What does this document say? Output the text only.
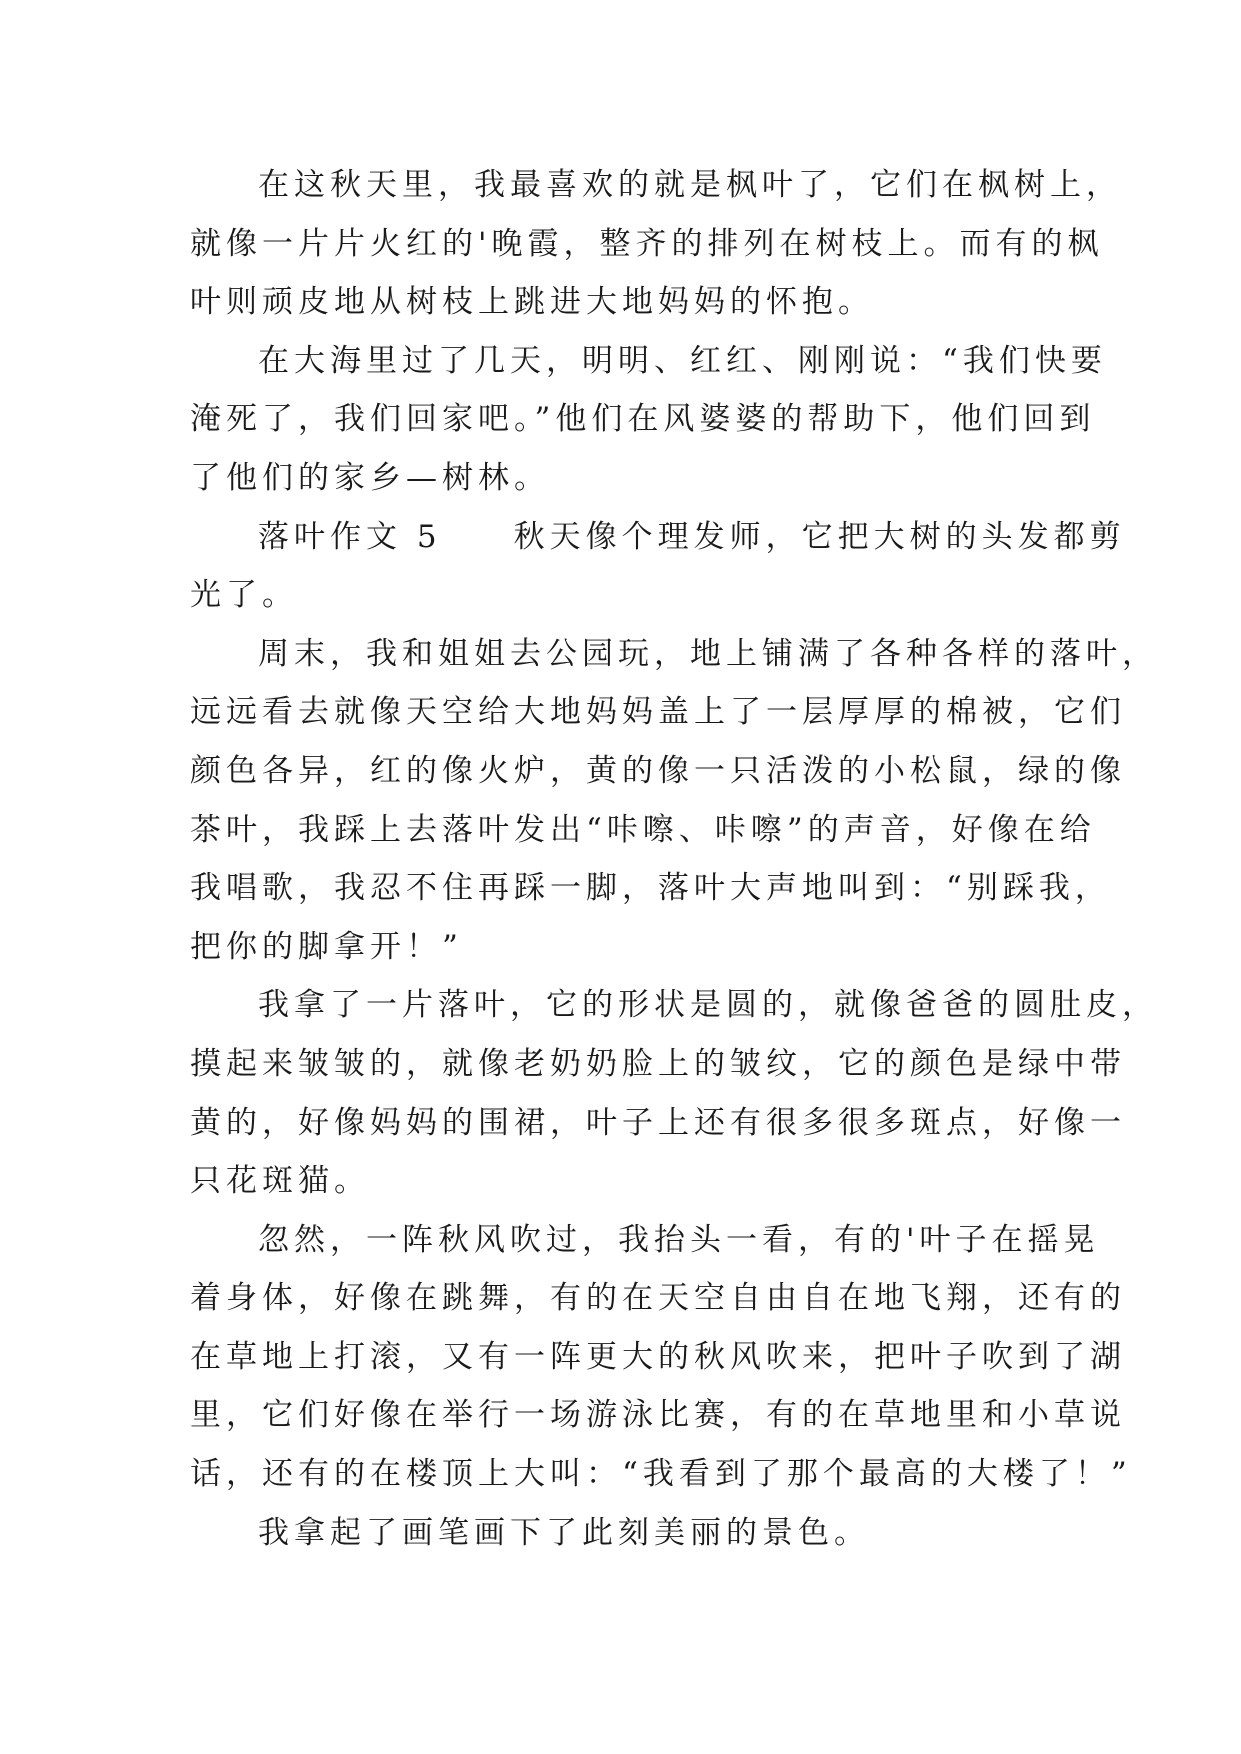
在这秋天里，我最喜欢的就是枫叶了，它们在枫树上，
就像一片片火红的'晚霞，整齐的排列在树枝上。而有的枫
叶则顽皮地从树枝上跳进大地妈妈的怀抱。
在大海里过了几天，明明、红红、刚刚说：“我们快要
淹死了，我们回家吧。”他们在风婆婆的帮助下，他们回到
了他们的家乡—树林。
落叶作文 5　　秋天像个理发师，它把大树的头发都剪
光了。
周末，我和姐姐去公园玩，地上铺满了各种各样的落叶，
远远看去就像天空给大地妈妈盖上了一层厚厚的棉被，它们
颜色各异，红的像火炉，黄的像一只活泼的小松鼠，绿的像
茶叶，我踩上去落叶发出“咔嚓、咔嚓”的声音，好像在给
我唱歌，我忍不住再踩一脚，落叶大声地叫到：“别踩我，
把你的脚拿开！”
我拿了一片落叶，它的形状是圆的，就像爸爸的圆肚皮，
摸起来皱皱的，就像老奶奶脸上的皱纹，它的颜色是绿中带
黄的，好像妈妈的围裙，叶子上还有很多很多斑点，好像一
只花斑猫。
忽然，一阵秋风吹过，我抬头一看，有的'叶子在摇晃
着身体，好像在跳舞，有的在天空自由自在地飞翔，还有的
在草地上打滚，又有一阵更大的秋风吹来，把叶子吹到了湖
里，它们好像在举行一场游泳比赛，有的在草地里和小草说
话，还有的在楼顶上大叫：“我看到了那个最高的大楼了！”
我拿起了画笔画下了此刻美丽的景色。
